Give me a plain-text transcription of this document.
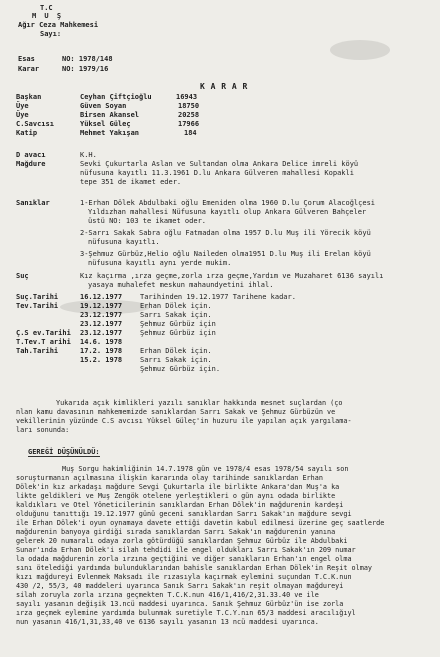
T.C
M U Ş
Ağır Ceza Mahkemesi
Sayı:
Esas	NO: 1978/148
Karar	NO: 1979/16
K A R A R
Başkan	Ceyhan Çiftçioğlu	16943
Üye	Güven Soyan	18750
Üye	Birsen Akansel	20258
C.Savcısı	Yüksel Güleç	17966
Katip	Mehmet Yakışan	184
D avacı	K.H.
Mağdure	Sevki Çukurtarla Aslan ve Sultandan olma Ankara Delice imreli köyü
nüfusuna kayıtlı 11.3.1961 D.lu Ankara Gülveren mahallesi Kopakli
tepe 351 de ikamet eder.
Sanıklar	1-Erhan Dölek Abdulbaki oğlu Emeniden olma 1960 D.lu Çorum Alacoğlçesi
Yıldızhan mahallesi Nüfusuna kayıtlı olup Ankara Gülveren Bahçeler
üstü NO: 103 te ikamet oder.
2-Sarrı Sakak Sabra oğlu Fatmadan olma 1957 D.lu Muş ili Yörecik köyü
nüfusuna kayıtlı.
3-Şehmuz Gürbüz,Helio oğlu Naileden olma1951 D.lu Muş ili Erelan köyü
nüfusuna kayıtlı aynı yerde mukim.
Suç	Kız kaçırma ,ırza geçme,zorla ırza geçme,Yardım ve Muzaharet 6136 sayılı
yasaya muhalefet meskun mahaundyetini ihlal.
Suç.Tarihi	16.12.1977	Tarihinden 19.12.1977 Tarihene kadar.
Tev.Tarihi	19.12.1977	Erhan Dölek için.
23.12.1977	Sarrı Sakak için.
23.12.1977	Şehmuz Gürbüz için
Ç.S ev.Tarihi 23.12.1977	Şehmuz Gürbüz için
T.Tev.T arihi 14.6. 1978
Tah.Tarihi	17.2. 1978	Erhan Dölek için.
15.2. 1978	Sarrı Sakak için.
Şehmuz Gürbüz için.
Yukarıda açık kimlikleri yazılı sanıklar hakkında mesnet suçlardan (ço
nlan kamu davasının mahkememizde sanıklardan Sarrı Sakak ve Şehmuz Gürbüzün ve
vekillerinin yüzünde C.S avcısı Yüksel Güleç'in huzuru ile yapılan açık yargılama-
ları sonunda:
GEREĞİ DÜŞÜNÜLDÜ:
Muş Sorgu hakimliğinin 14.7.1978 gün ve 1978/4 esas 1978/54 sayılı son
soruşturmanın açılmasına ilişkin kararında olay tarihinde sanıklardan Erhan
Dölek'in kız arkadaşı mağdure Sevgi Çukurtarla ile birlikte Ankara'dan Muş'a ka
likte geldikleri ve Muş Zengök otelene yerleştikleri o gün aynı odada birlikte
kaldıkları ve Otel Yöneticilerinin sanıklardan Erhan Dölek'in mağdurenin kardeşi
olduğunu tanıttığı 19.12.1977 günü geceni sanıklardan Sarrı Sakak'ın mağdure sevgi
ile Erhan Dölek'i oyun oynamaya davete ettiği davetin kabul edilmesi üzerine geç saatlerde
mağdurenin banyoya girdiği sırada sanıklardan Sarrı Sakak'ın mağdurenin yanına
gelerek 20 numaralı odaya zorla götürdüğü sanıklardan Şehmuz Gürbüz ile Abdulbaki
Sunar'ında Erhan Dölek'i silah tehdidi ile engel oldukları Sarrı Sakak'ın 209 numar
la odada mağdurenin zorla ırzına geçtiğini ve diğer sanıkların Erhan'ın engel olma
sını ötelediği yardımda bulunduklarından bahisle sanıklardan Erhan Dölek'in Reşit olmay
kızı mağdureyi Evlenmek Maksadı ile rızasıyla kaçırmak eylemini suçundan T.C.K.nun
430 /2, 55/3, 40 maddeleri uyarınca Sanık Sarrı Sakak'ın reşit olmayan mağdureyi
silah zoruyla zorla ırzına geçmekten T.C.K.nun 416/1,416/2,31.33.40 ve ile
sayılı yasanın değişik 13.ncü maddesi uyarınca. Sanık Şehmuz Gürbüz'ün ise zorla
ırza geçmek eylemine yardımda bulunmak suretiyle T.C.Y.nın 65/3 maddesi aracılığıyl
nun yasanın 416/1,31,33,40 ve 6136 sayılı yasanın 13 ncü maddesi uyarınca.
